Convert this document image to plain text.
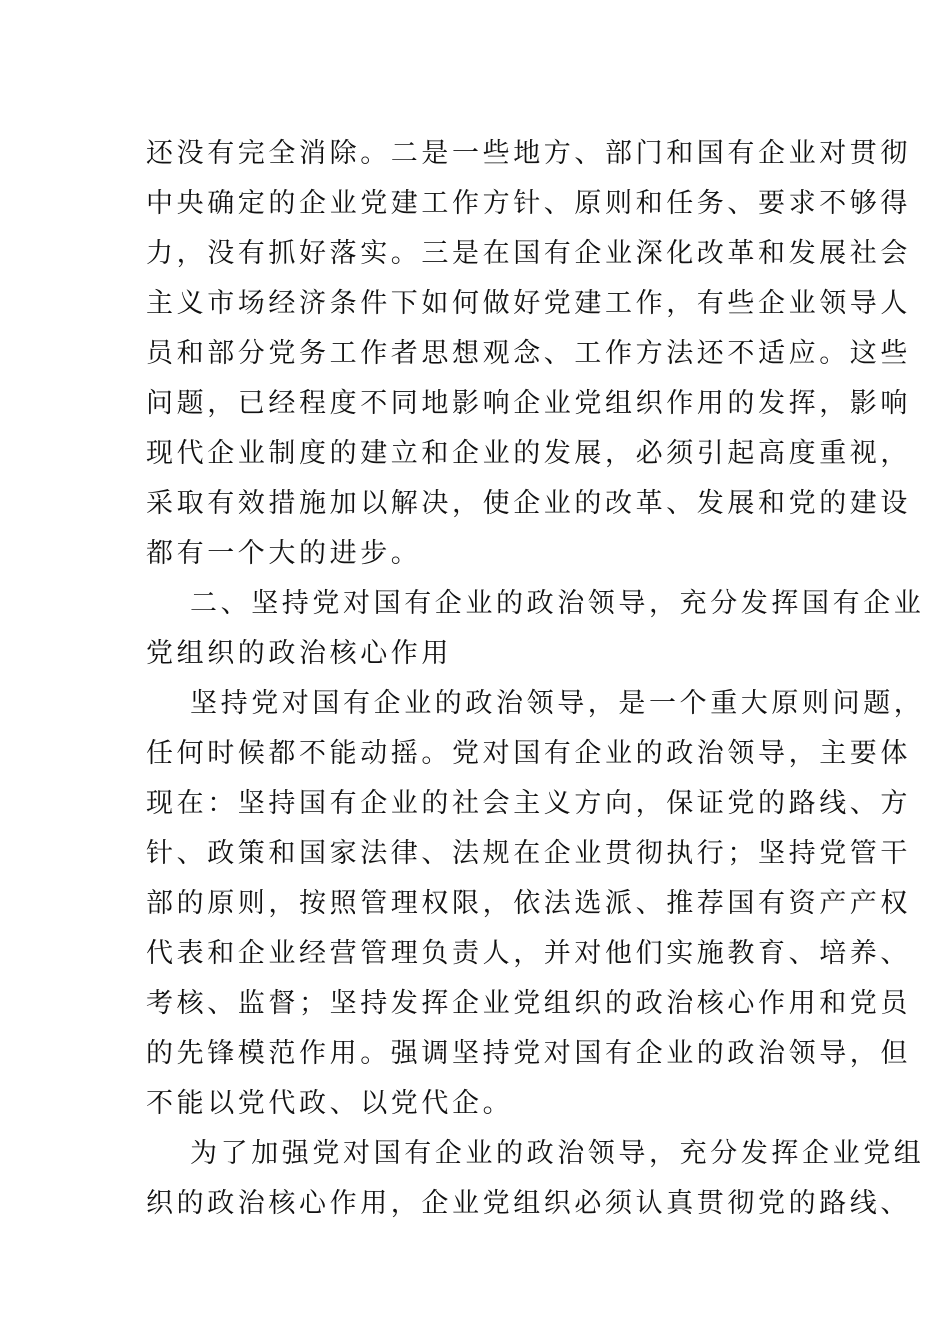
还没有完全消除。二是一些地方、部门和国有企业对贯彻
中央确定的企业党建工作方针、原则和任务、要求不够得
力，没有抓好落实。三是在国有企业深化改革和发展社会
主义市场经济条件下如何做好党建工作，有些企业领导人
员和部分党务工作者思想观念、工作方法还不适应。这些
问题，已经程度不同地影响企业党组织作用的发挥，影响
现代企业制度的建立和企业的发展，必须引起高度重视，
采取有效措施加以解决，使企业的改革、发展和党的建设
都有一个大的进步。
二、坚持党对国有企业的政治领导，充分发挥国有企业
党组织的政治核心作用
坚持党对国有企业的政治领导，是一个重大原则问题，
任何时候都不能动摇。党对国有企业的政治领导，主要体
现在：坚持国有企业的社会主义方向，保证党的路线、方
针、政策和国家法律、法规在企业贯彻执行；坚持党管干
部的原则，按照管理权限，依法选派、推荐国有资产产权
代表和企业经营管理负责人，并对他们实施教育、培养、
考核、监督；坚持发挥企业党组织的政治核心作用和党员
的先锋模范作用。强调坚持党对国有企业的政治领导，但
不能以党代政、以党代企。
为了加强党对国有企业的政治领导，充分发挥企业党组
织的政治核心作用，企业党组织必须认真贯彻党的路线、
